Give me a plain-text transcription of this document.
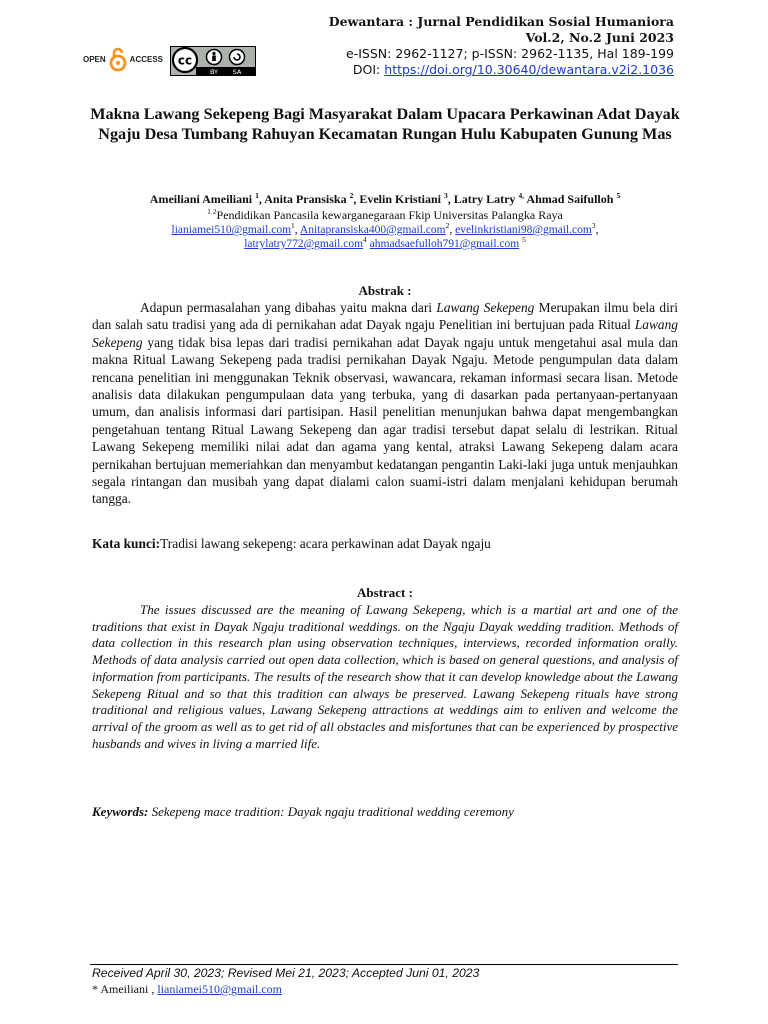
Dewantara : Jurnal Pendidikan Sosial Humaniora
Vol.2, No.2 Juni 2023
e-ISSN: 2962-1127; p-ISSN: 2962-1135, Hal 189-199
DOI: https://doi.org/10.30640/dewantara.v2i2.1036
OPEN	ACCESS cc
BY SA
Makna Lawang Sekepeng Bagi Masyarakat Dalam Upacara Perkawinan Adat Dayak Ngaju Desa Tumbang Rahuyan Kecamatan Rungan Hulu Kabupaten Gunung Mas
Ameiliani Ameiliani $^1$, Anita Pransiska $^2$, Evelin Kristiani $^3$, Latry Latry $^{4,}$ Ahmad Saifulloh $^5$
$^{1 2}$Pendidikan Pancasila kewarganegaraan Fkip Universitas Palangka Raya
lianiamei510@gmail.com$^1$, Anitapransiska400@gmail.com$^2$, evelinkristiani98@gmail.com$^3$,
latrylatry772@gmail.com$^4$ ahmadsaefulloh791@gmail.com $^5$
Abstrak :
Adapun permasalahan yang dibahas yaitu makna dari Lawang Sekepeng Merupakan ilmu bela diri dan salah satu tradisi yang ada di pernikahan adat Dayak ngaju Penelitian ini bertujuan pada Ritual Lawang Sekepeng yang tidak bisa lepas dari tradisi pernikahan adat Dayak ngaju untuk mengetahui asal mula dan makna Ritual Lawang Sekepeng pada tradisi pernikahan Dayak Ngaju. Metode pengumpulan data dalam rencana penelitian ini menggunakan Teknik observasi, wawancara, rekaman informasi secara lisan. Metode analisis data dilakukan pengumpulaan data yang terbuka, yang di dasarkan pada pertanyaan-pertanyaan umum, dan analisis informasi dari partisipan. Hasil penelitian menunjukan bahwa dapat mengembangkan pengetahuan tentang Ritual Lawang Sekepeng dan agar tradisi tersebut dapat selalu di lestrikan. Ritual Lawang Sekepeng memiliki nilai adat dan agama yang kental, atraksi Lawang Sekepeng dalam acara pernikahan bertujuan memeriahkan dan menyambut kedatangan pengantin Laki-laki juga untuk menjauhkan segala rintangan dan musibah yang dapat dialami calon suami-istri dalam menjalani kehidupan berumah tangga.
Kata kunci:Tradisi lawang sekepeng: acara perkawinan adat Dayak ngaju
Abstract :
The issues discussed are the meaning of Lawang Sekepeng, which is a martial art and one of the traditions that exist in Dayak Ngaju traditional weddings. on the Ngaju Dayak wedding tradition. Methods of data collection in this research plan using observation techniques, interviews, recorded information orally. Methods of data analysis carried out open data collection, which is based on general questions, and analysis of information from participants. The results of the research show that it can develop knowledge about the Lawang Sekepeng Ritual and so that this tradition can always be preserved. Lawang Sekepeng rituals have strong traditional and religious values, Lawang Sekepeng attractions at weddings aim to enliven and welcome the arrival of the groom as well as to get rid of all obstacles and misfortunes that can be experienced by prospective husbands and wives in living a married life.
Keywords: Sekepeng mace tradition: Dayak ngaju traditional wedding ceremony
Received April 30, 2023; Revised Mei 21, 2023; Accepted Juni 01, 2023
* Ameiliani , lianiamei510@gmail.com
